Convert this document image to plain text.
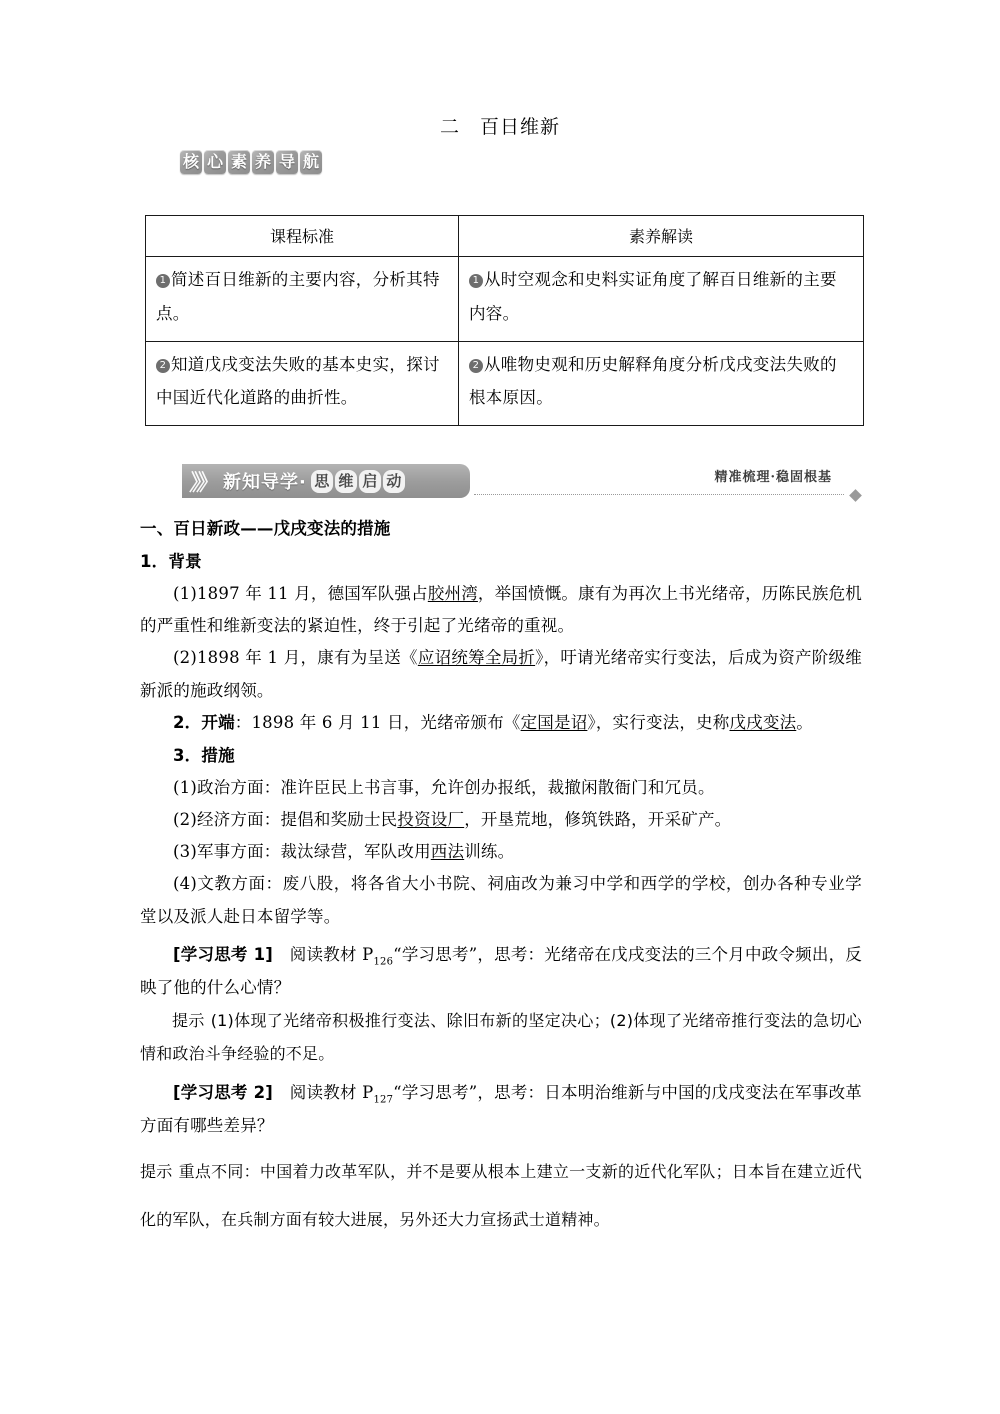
二　百日维新
核 心 素 养 导 航
课程标准	素养解读
1 简述百日维新的主要内容，分析其特点。	1 从时空观念和史料实证角度了解百日维新的主要内容。
2 知道戊戌变法失败的基本史实，探讨中国近代化道路的曲折性。	2 从唯物史观和历史解释角度分析戊戌变法失败的根本原因。
》》 新知导学· 思 维 启 动	精准梳理·稳固根基

一、百日新政——戊戌变法的措施

1．背景

(1)1897 年 11 月，德国军队强占胶州湾，举国愤慨。康有为再次上书光绪帝，历陈民族危机的严重性和维新变法的紧迫性，终于引起了光绪帝的重视。

(2)1898 年 1 月，康有为呈送《应诏统筹全局折》，吁请光绪帝实行变法，后成为资产阶级维新派的施政纲领。

2．开端：1898 年 6 月 11 日，光绪帝颁布《定国是诏》，实行变法，史称戊戌变法。

3．措施

(1)政治方面：准许臣民上书言事，允许创办报纸，裁撤闲散衙门和冗员。

(2)经济方面：提倡和奖励士民投资设厂，开垦荒地，修筑铁路，开采矿产。

(3)军事方面：裁汰绿营，军队改用西法训练。

(4)文教方面：废八股，将各省大小书院、祠庙改为兼习中学和西学的学校，创办各种专业学堂以及派人赴日本留学等。

[学习思考 1]　阅读教材 $P_{126}“$学习思考”，思考：光绪帝在戊戌变法的三个月中政令频出，反映了他的什么心情？

提示 (1)体现了光绪帝积极推行变法、除旧布新的坚定决心；(2)体现了光绪帝推行变法的急切心情和政治斗争经验的不足。

[学习思考 2]　阅读教材 $P_{127}“$学习思考”，思考：日本明治维新与中国的戊戌变法在军事改革方面有哪些差异？

提示 重点不同：中国着力改革军队，并不是要从根本上建立一支新的近代化军队；日本旨在建立近代化的军队，在兵制方面有较大进展，另外还大力宣扬武士道精神。
